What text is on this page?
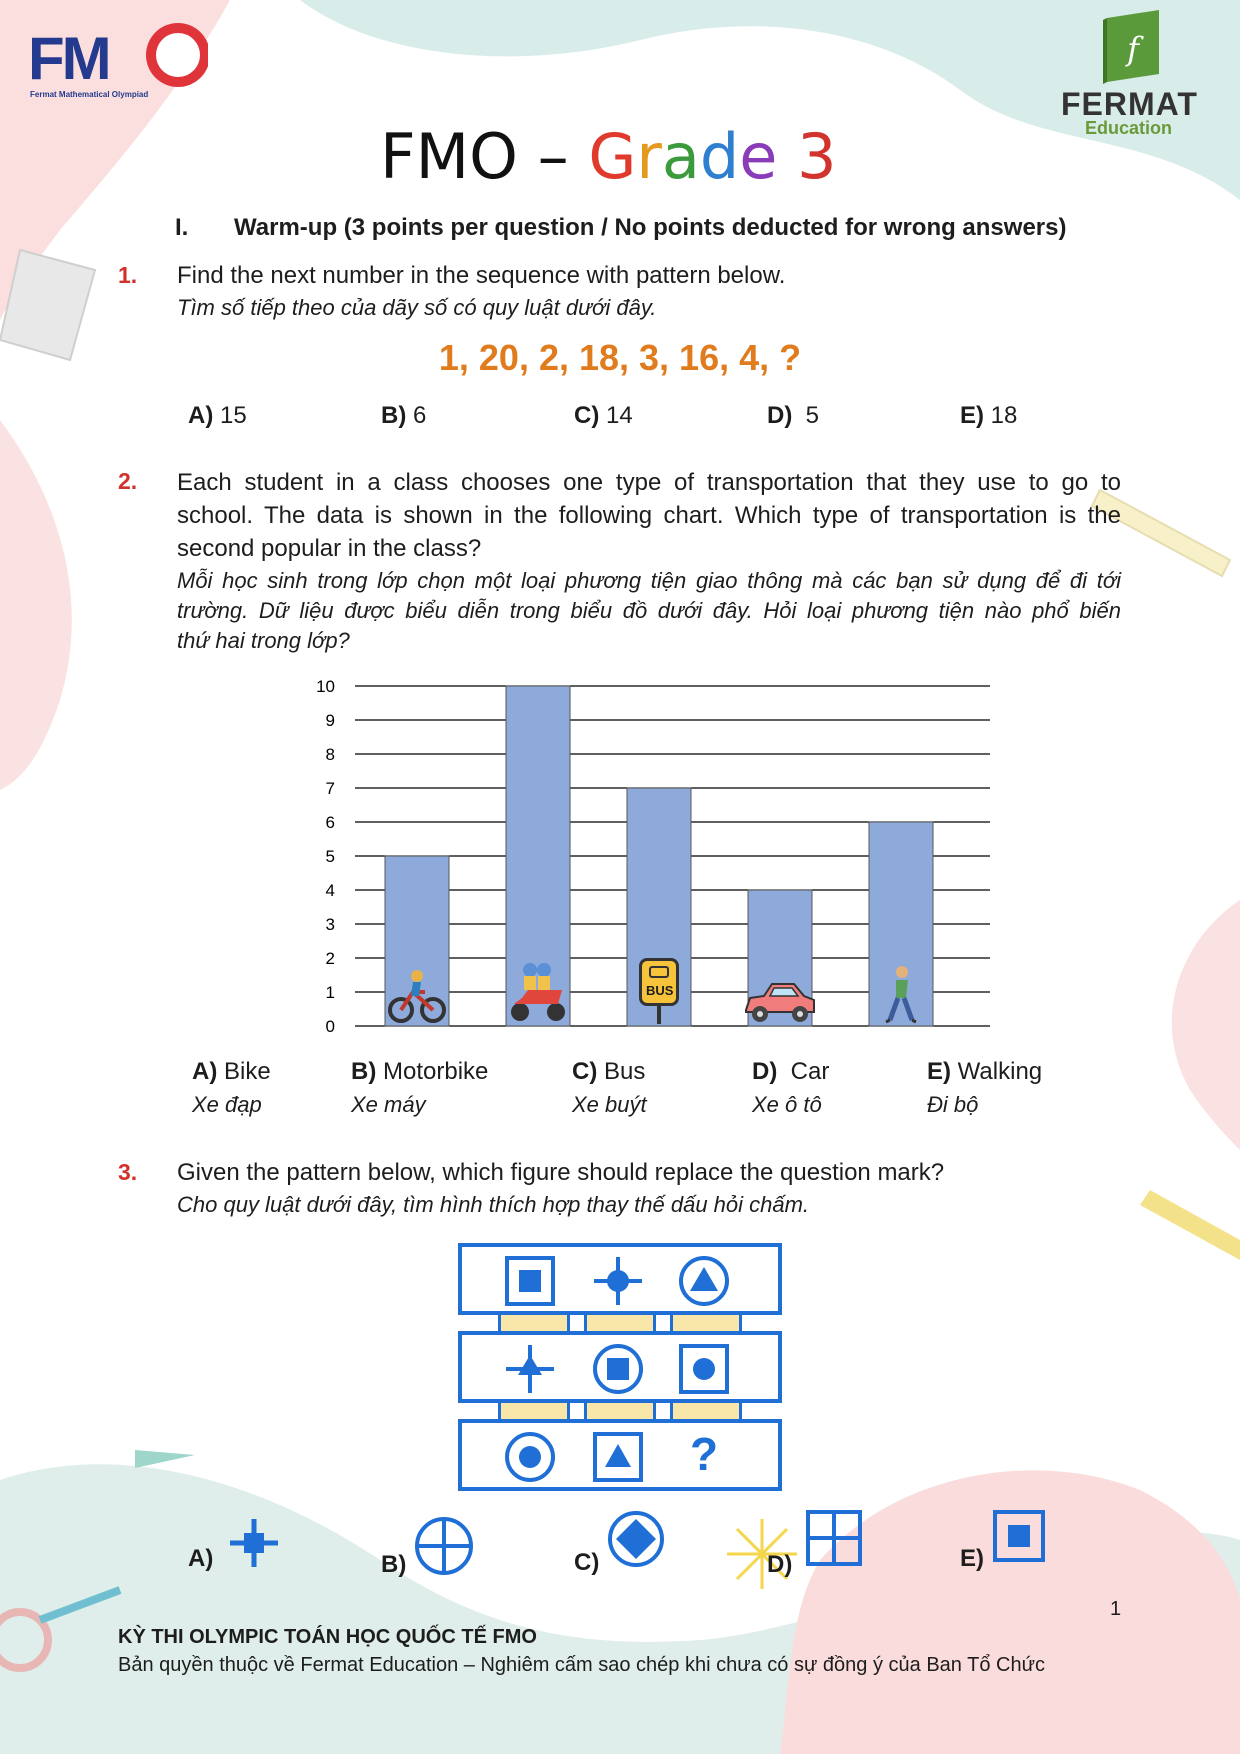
FM
Fermat Mathematical Olympiad
f
FERMAT
Education
FMO – Grade 3
I. Warm-up (3 points per question / No points deducted for wrong answers)
1. Find the next number in the sequence with pattern below.
Tìm số tiếp theo của dãy số có quy luật dưới đây.
1, 20, 2, 18, 3, 16, 4, ?
A) 15	B) 6	C) 14	D) 5	E) 18
2. Each student in a class chooses one type of transportation that they use to go to
school. The data is shown in the following chart. Which type of transportation is the
second popular in the class?
Mỗi học sinh trong lớp chọn một loại phương tiện giao thông mà các bạn sử dụng để đi tới
trường. Dữ liệu được biểu diễn trong biểu đồ dưới đây. Hỏi loại phương tiện nào phổ biến
thứ hai trong lớp?
0
1
2
3
4
5
6
7
8
9
10
BUS
A) Bike
Xe đạp
B) Motorbike
Xe máy
C) Bus
Xe buýt
D) Car
Xe ô tô
E) Walking
Đi bộ
3. Given the pattern below, which figure should replace the question mark?
Cho quy luật dưới đây, tìm hình thích hợp thay thế dấu hỏi chấm.
?
A)	B)	C)	D)	E)
1
KỲ THI OLYMPIC TOÁN HỌC QUỐC TẾ FMO
Bản quyền thuộc về Fermat Education – Nghiêm cấm sao chép khi chưa có sự đồng ý của Ban Tổ Chức
